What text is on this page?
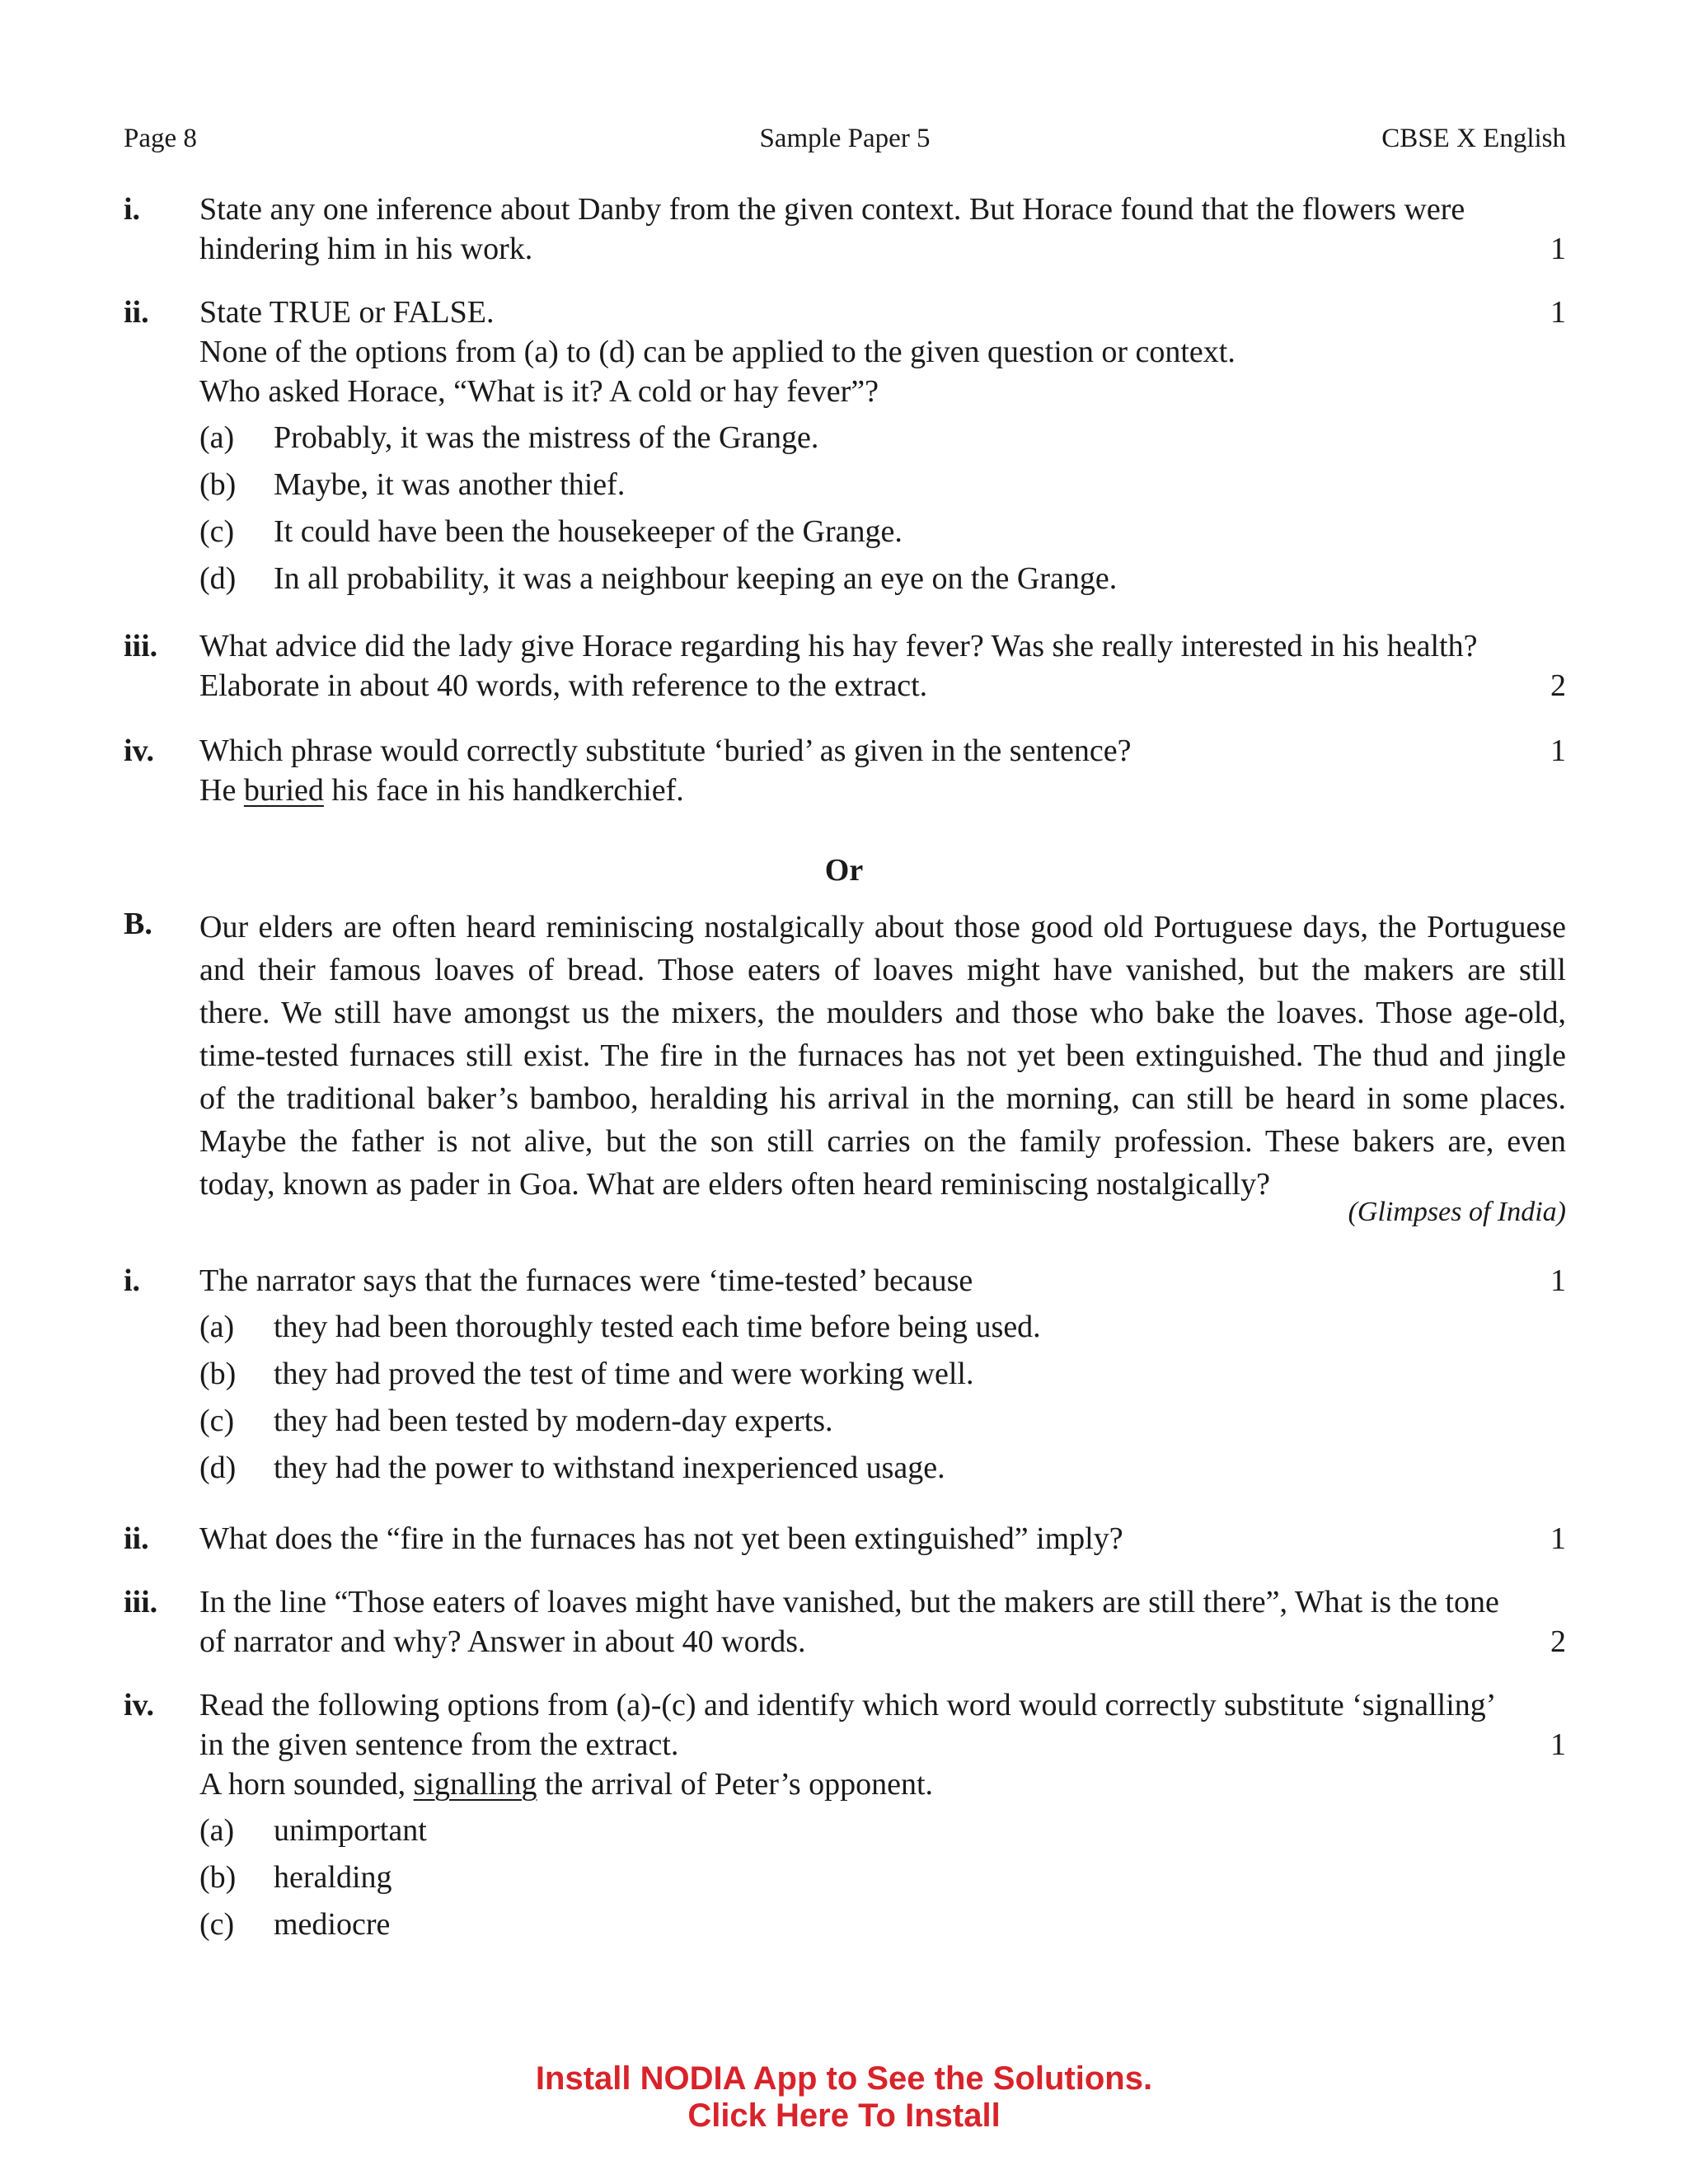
Sample Paper 5
Page 8	CBSE X English
i. State any one inference about Danby from the given context. But Horace found that the flowers were
hindering him in his work.	1
ii. State TRUE or FALSE.	1
None of the options from (a) to (d) can be applied to the given question or context.
Who asked Horace, “What is it? A cold or hay fever”?
(a) Probably, it was the mistress of the Grange.
(b) Maybe, it was another thief.
(c) It could have been the housekeeper of the Grange.
(d) In all probability, it was a neighbour keeping an eye on the Grange.
iii. What advice did the lady give Horace regarding his hay fever? Was she really interested in his health?
Elaborate in about 40 words, with reference to the extract.	2
iv. Which phrase would correctly substitute ‘buried’ as given in the sentence?	1
He buried his face in his handkerchief.
Or
B. Our elders are often heard reminiscing nostalgically about those good old Portuguese days, the Portuguese
and their famous loaves of bread. Those eaters of loaves might have vanished, but the makers are still
there. We still have amongst us the mixers, the moulders and those who bake the loaves. Those age-old,
time-tested furnaces still exist. The fire in the furnaces has not yet been extinguished. The thud and jingle
of the traditional baker’s bamboo, heralding his arrival in the morning, can still be heard in some places.
Maybe the father is not alive, but the son still carries on the family profession. These bakers are, even
today, known as pader in Goa. What are elders often heard reminiscing nostalgically?
(Glimpses of India)
i. The narrator says that the furnaces were ‘time-tested’ because	1
(a) they had been thoroughly tested each time before being used.
(b) they had proved the test of time and were working well.
(c) they had been tested by modern-day experts.
(d) they had the power to withstand inexperienced usage.
ii. What does the “fire in the furnaces has not yet been extinguished” imply?	1
iii. In the line “Those eaters of loaves might have vanished, but the makers are still there”, What is the tone
of narrator and why? Answer in about 40 words.	2
iv. Read the following options from (a)-(c) and identify which word would correctly substitute ‘signalling’
in the given sentence from the extract.	1
A horn sounded, signalling the arrival of Peter’s opponent.
(a) unimportant
(b) heralding
(c) mediocre
Install NODIA App to See the Solutions.
Click Here To Install
